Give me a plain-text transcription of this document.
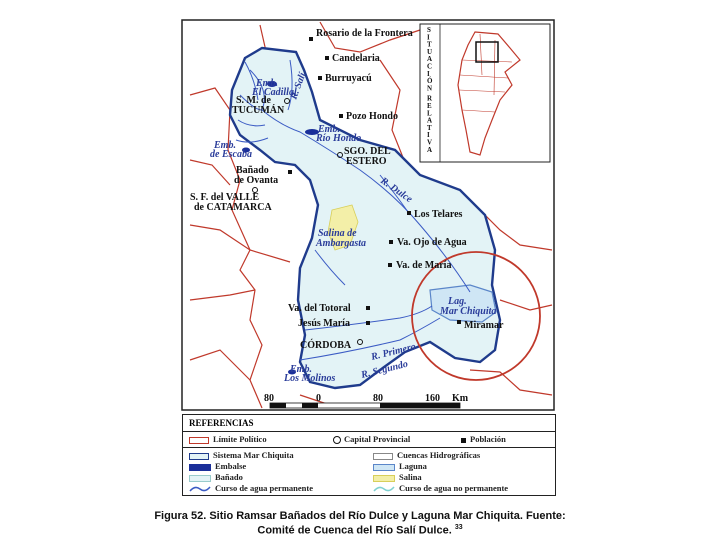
S
I
T
U
A
C
I
Ó
N
R
E
L
A
T
I
V
A
Rosario de la Frontera
Candelaria
Burruyacú
S. M. de
TUCUMÁN
Pozo Hondo
SGO. DEL
ESTERO
Bañado
de Ovanta
S. F. del VALLE
de CATAMARCA
Los Telares
Va. Ojo de Agua
Va. de María
Va. del Totoral
Jesús María
CÓRDOBA
Miramar
Emb.
El Cadillal
R. Salí
Emb.
Río Hondo
Emb.
de Escaba
R. Dulce
Salina de
Ambargasta
Lag.
Mar Chiquita
R. Primero
R. Segundo
Emb.
Los Molinos
80	0	80	160 Km
REFERENCIAS
Límite Político	Capital Provincial	Población
Sistema Mar Chiquita	Cuencas Hidrográficas
Embalse	Laguna
Bañado	Salina
Curso de agua permanente	Curso de agua no permanente
Figura 52. Sitio Ramsar Bañados del Río Dulce y Laguna Mar Chiquita. Fuente:
Comité de Cuenca del Río Salí Dulce. $^{33}$
